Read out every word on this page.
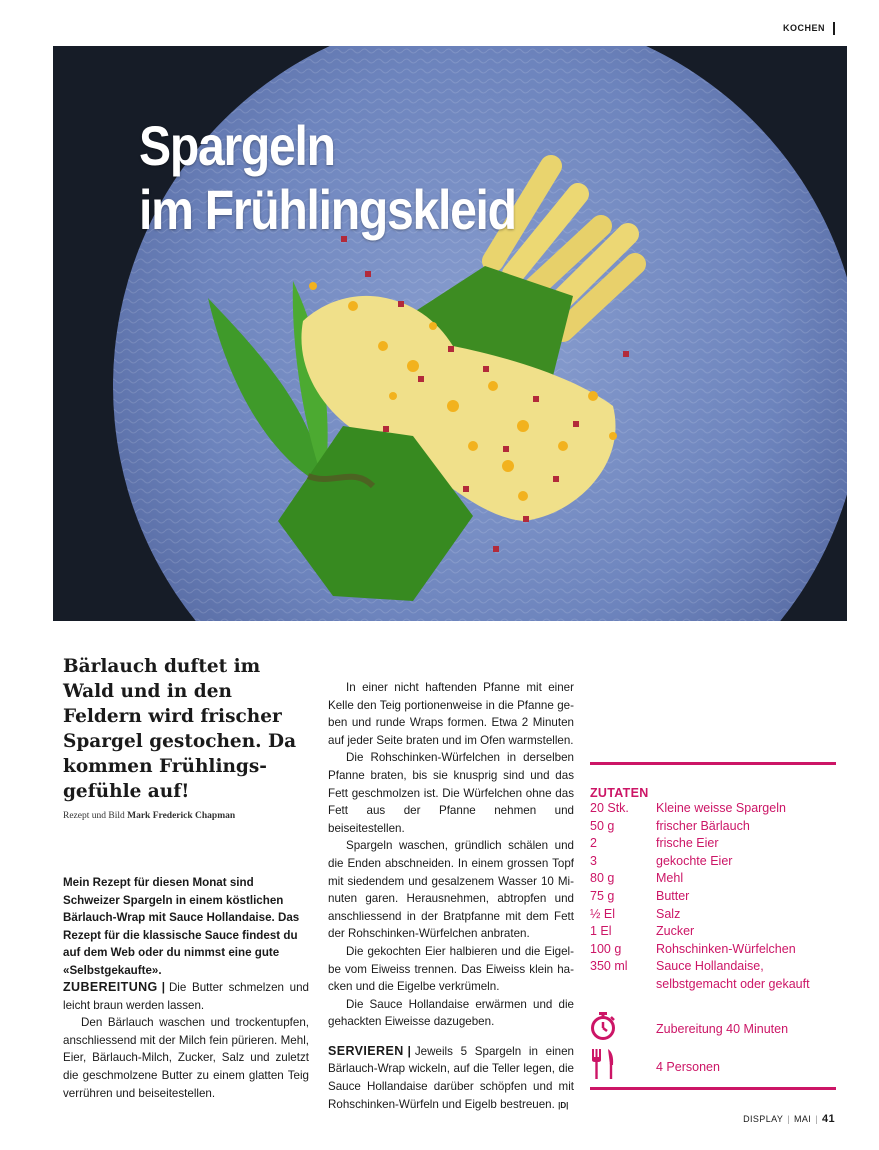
KOCHEN
Spargeln
im Frühlingskleid
Bärlauch duftet im Wald und in den Feldern wird frischer Spargel gestochen. Da kommen Frühlingsgefühle auf!
Rezept und Bild Mark Frederick Chapman

Mein Rezept für diesen Monat sind Schweizer Spargeln in einem köstlichen Bärlauch-Wrap mit Sauce Hollandaise. Das Rezept für die klassische Sauce findest du auf dem Web oder du nimmst eine gute «Selbstgekaufte».

ZUBEREITUNG | Die Butter schmelzen und leicht braun werden lassen.

Den Bärlauch waschen und trockentupfen, anschliessend mit der Milch fein pürieren. Mehl, Eier, Bärlauch-Milch, Zucker, Salz und zuletzt die geschmolzene Butter zu einem glatten Teig verrühren und beiseitestellen.

In einer nicht haftenden Pfanne mit einer Kelle den Teig portionenweise in die Pfanne geben und runde Wraps formen. Etwa 2 Minuten auf jeder Seite braten und im Ofen warmstellen.

Die Rohschinken-Würfelchen in derselben Pfanne braten, bis sie knusprig sind und das Fett geschmolzen ist. Die Würfelchen ohne das Fett aus der Pfanne nehmen und beiseitestellen.

Spargeln waschen, gründlich schälen und die Enden abschneiden. In einem grossen Topf mit siedendem und gesalzenem Wasser 10 Minuten garen. Herausnehmen, abtropfen und anschliessend in der Bratpfanne mit dem Fett der Rohschinken-Würfelchen anbraten.

Die gekochten Eier halbieren und die Eigelbe vom Eiweiss trennen. Das Eiweiss klein hacken und die Eigelbe verkrümeln.

Die Sauce Hollandaise erwärmen und die gehackten Eiweisse dazugeben.

SERVIEREN | Jeweils 5 Spargeln in einen Bärlauch-Wrap wickeln, auf die Teller legen, die Sauce Hollandaise darüber schöpfen und mit Rohschinken-Würfeln und Eigelb bestreuen. |D|

ZUTATEN
20 Stk.	Kleine weisse Spargeln
50 g	frischer Bärlauch
2	frische Eier
3	gekochte Eier
80 g	Mehl
75 g	Butter
½ El	Salz
1 El	Zucker
100 g	Rohschinken-Würfelchen
350 ml	Sauce Hollandaise,
selbstgemacht oder gekauft
Zubereitung 40 Minuten
4 Personen
DISPLAY | MAI | 41
